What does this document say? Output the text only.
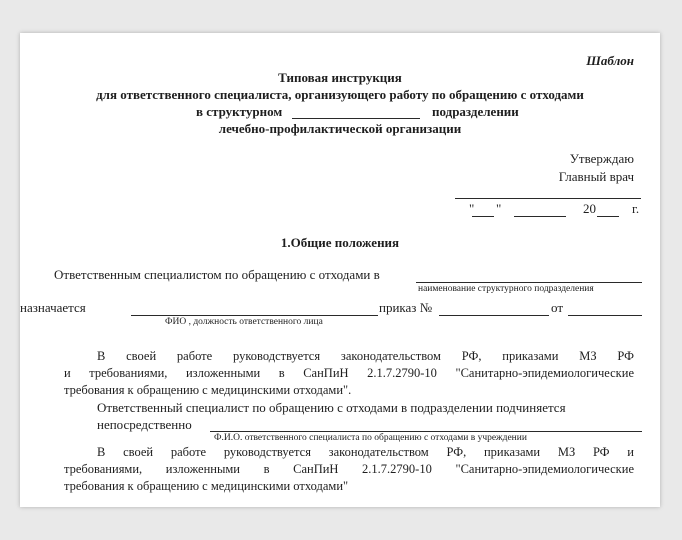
Шаблон
Типовая инструкция
для ответственного специалиста, организующего работу по обращению с отходами
в структурном	подразделении
лечебно-профилактической организации
Утверждаю
Главный врач
" "	20	г.
1.Общие положения
Ответственным специалистом по обращению с отходами в
наименование структурного подразделения
назначается	приказ №	от
ФИО , должность ответственного лица
В своей работе руководствуется законодательством РФ, приказами МЗ РФ
и требованиями, изложенными в СанПиН 2.1.7.2790-10 "Санитарно-эпидемиологические
требования к обращению с медицинскими отходами".
Ответственный специалист по обращению с отходами в подразделении подчиняется
непосредственно
Ф.И.О. ответственного специалиста по обращению с отходами в учреждении
В своей работе руководствуется законодательством РФ, приказами МЗ РФ и
требованиями, изложенными в СанПиН 2.1.7.2790-10 "Санитарно-эпидемиологические
требования к обращению с медицинскими отходами"
